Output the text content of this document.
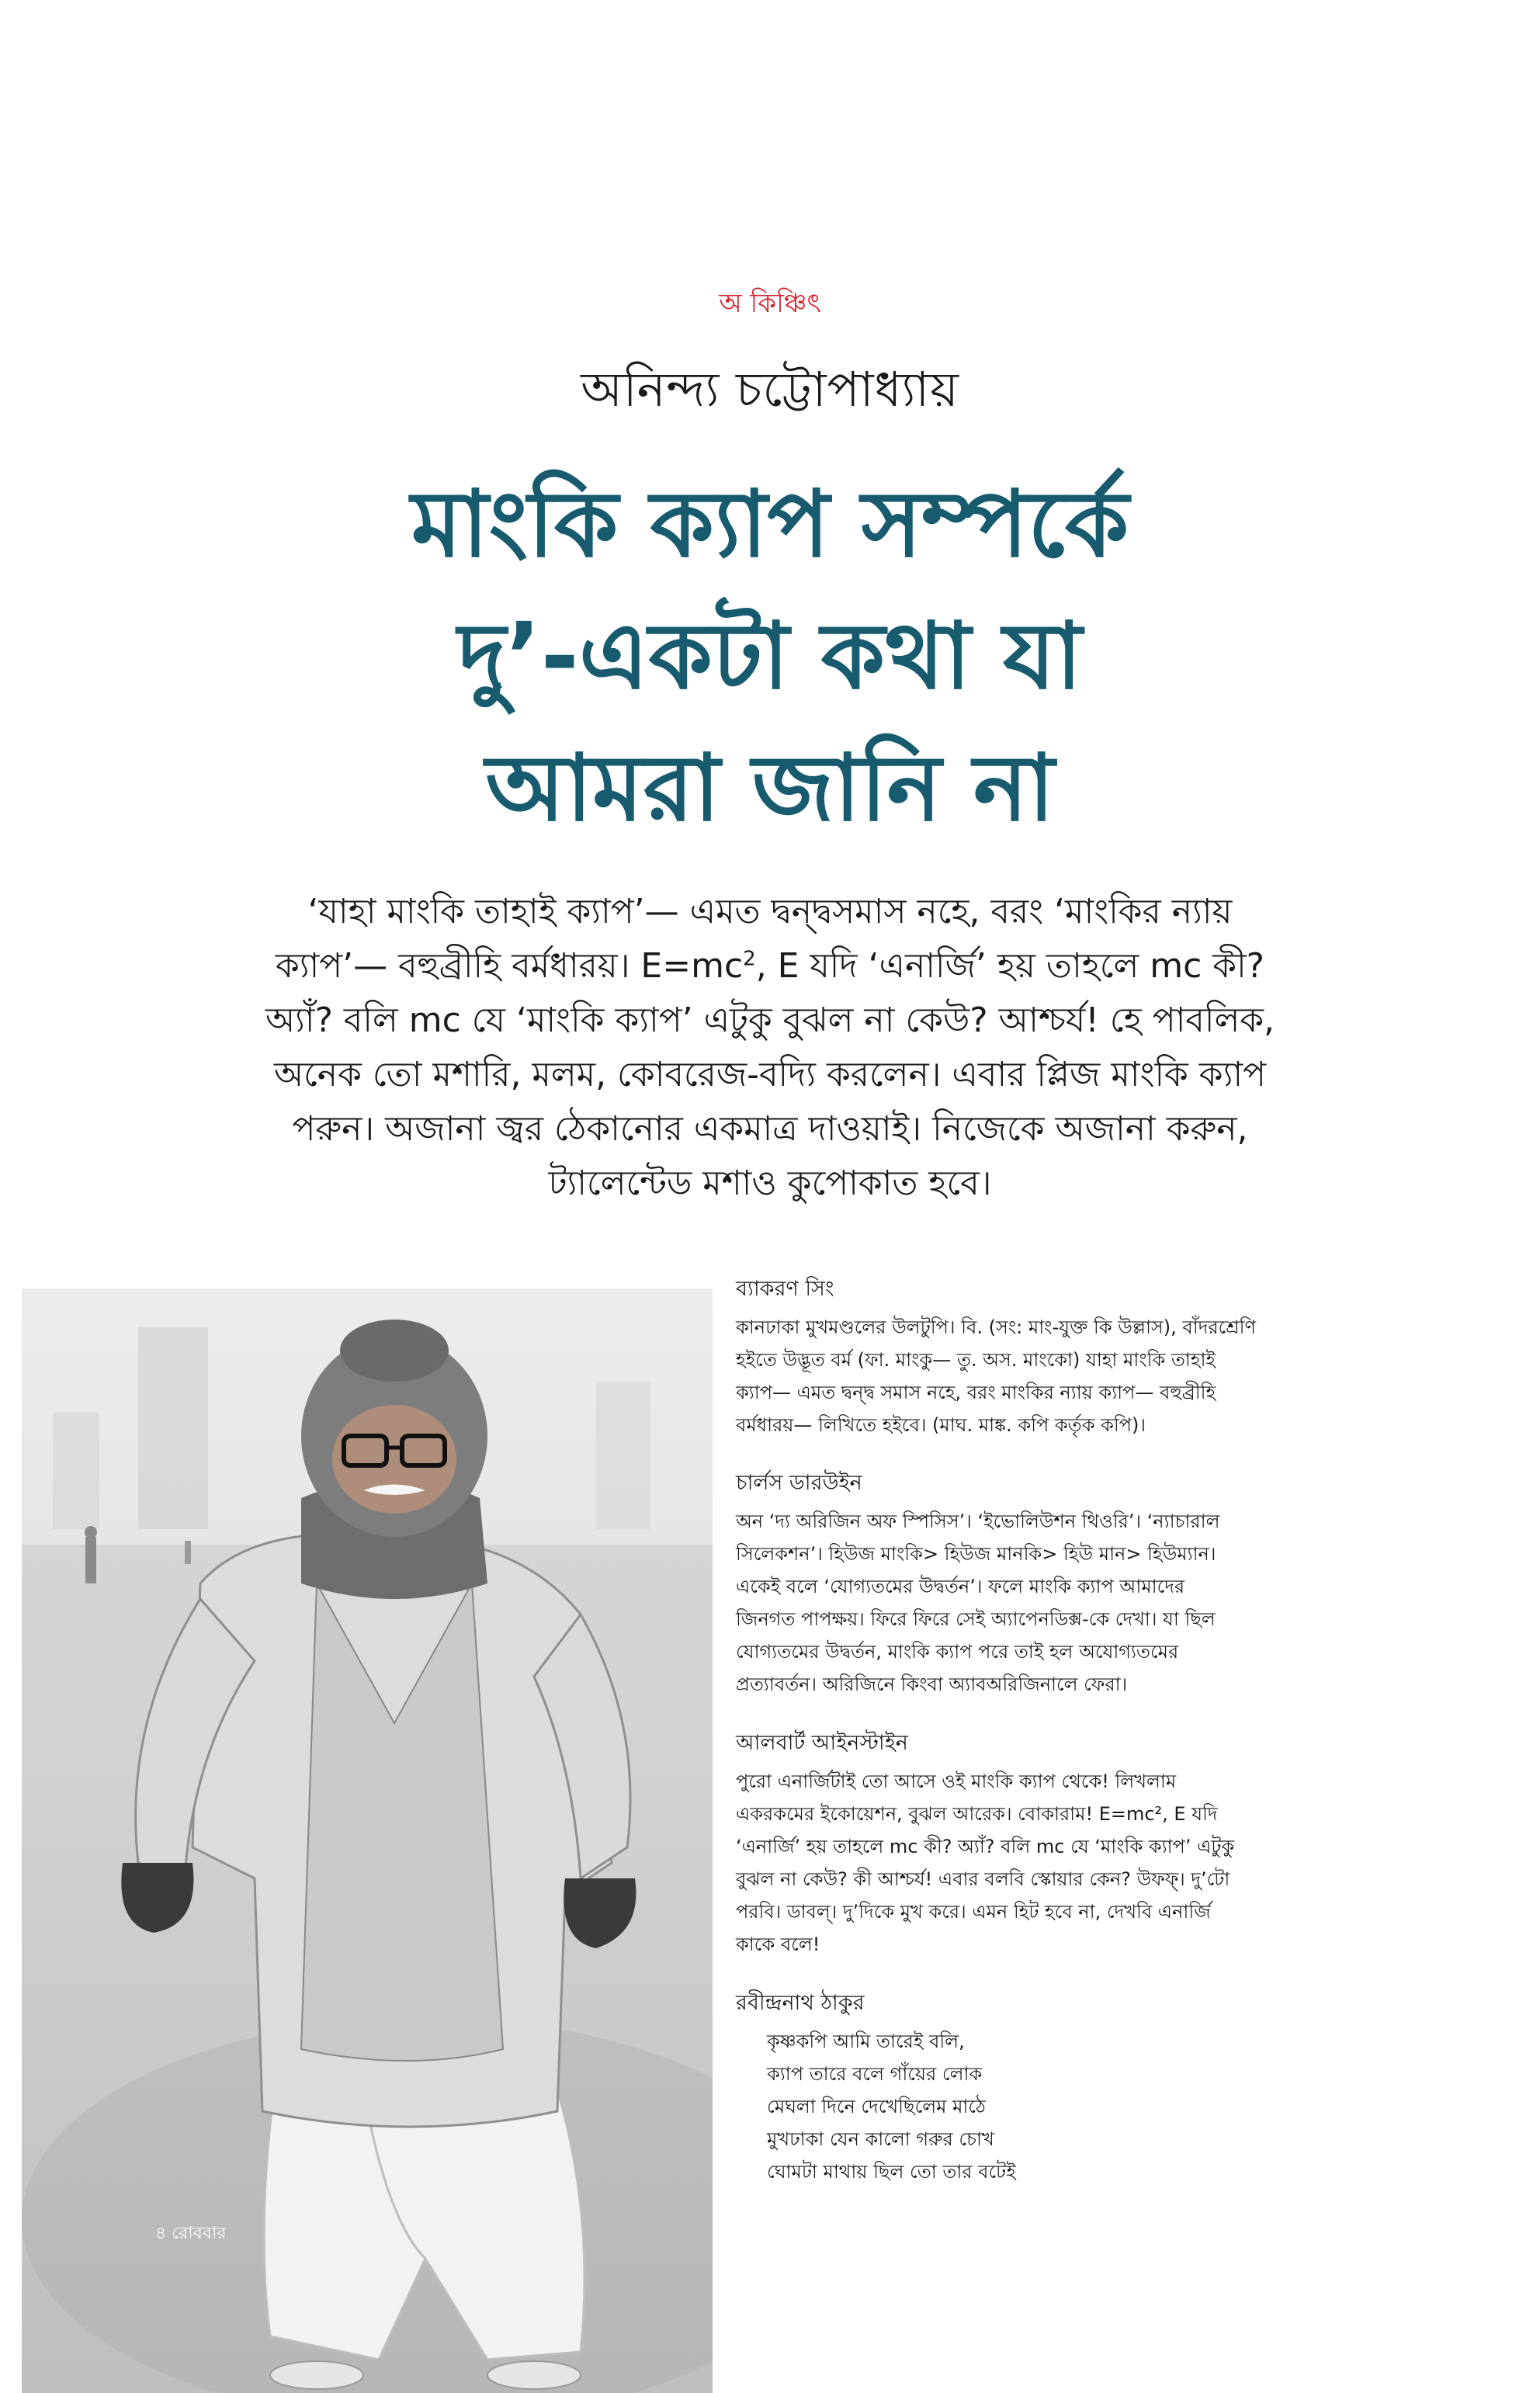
অ কিঞ্চিৎ
অনিন্দ্য চট্টোপাধ্যায়
মাংকি ক্যাপ সম্পর্কে
দু’-একটা কথা যা
আমরা জানি না
‘যাহা মাংকি তাহাই ক্যাপ’— এমত দ্বন্দ্বসমাস নহে, বরং ‘মাংকির ন্যায়
ক্যাপ’— বহুব্রীহি বর্মধারয়। $E=mc^2$, E যদি ‘এনার্জি’ হয় তাহলে mc কী?
অ্যাঁ? বলি mc যে ‘মাংকি ক্যাপ’ এটুকু বুঝল না কেউ? আশ্চর্য! হে পাবলিক,
অনেক তো মশারি, মলম, কোবরেজ-বদ্যি করলেন। এবার প্লিজ মাংকি ক্যাপ
পরুন। অজানা জ্বর ঠেকানোর একমাত্র দাওয়াই। নিজেকে অজানা করুন,
ট্যালেন্টেড মশাও কুপোকাত হবে।
৪ রোববার
ব্যাকরণ সিং
কানঢাকা মুখমণ্ডলের উলটুপি। বি. (সং: মাং-যুক্ত কি উল্লাস), বাঁদরশ্রেণি
হইতে উদ্ভূত বর্ম (ফা. মাংকু— তু. অস. মাংকো) যাহা মাংকি তাহাই
ক্যাপ— এমত দ্বন্দ্ব সমাস নহে, বরং মাংকির ন্যায় ক্যাপ— বহুব্রীহি
বর্মধারয়— লিখিতে হইবে। (মাঘ. মাঙ্ক. কপি কর্তৃক কপি)।
চার্লস ডারউইন
অন ‘দ্য অরিজিন অফ স্পিসিস’। ‘ইভোলিউশন থিওরি’। ‘ন্যাচারাল
সিলেকশন’। হিউজ মাংকি> হিউজ মানকি> হিউ মান> হিউম্যান।
একেই বলে ‘যোগ্যতমের উদ্বর্তন’। ফলে মাংকি ক্যাপ আমাদের
জিনগত পাপক্ষয়। ফিরে ফিরে সেই অ্যাপেনডিক্স-কে দেখা। যা ছিল
যোগ্যতমের উদ্বর্তন, মাংকি ক্যাপ পরে তাই হল অযোগ্যতমের
প্রত্যাবর্তন। অরিজিনে কিংবা অ্যাবঅরিজিনালে ফেরা।
আলবার্ট আইনস্টাইন
পুরো এনার্জিটাই তো আসে ওই মাংকি ক্যাপ থেকে! লিখলাম
একরকমের ইকোয়েশন, বুঝল আরেক। বোকারাম! E=mc², E যদি
‘এনার্জি’ হয় তাহলে mc কী? অ্যাঁ? বলি mc যে ‘মাংকি ক্যাপ’ এটুকু
বুঝল না কেউ? কী আশ্চর্য! এবার বলবি স্কোয়ার কেন? উফফ্‌। দু’টো
পরবি। ডাবল্‌। দু’দিকে মুখ করে। এমন হিট হবে না, দেখবি এনার্জি
কাকে বলে!
রবীন্দ্রনাথ ঠাকুর
কৃষ্ণকপি আমি তারেই বলি,
ক্যাপ তারে বলে গাঁয়ের লোক
মেঘলা দিনে দেখেছিলেম মাঠে
মুখঢাকা যেন কালো গরুর চোখ
ঘোমটা মাথায় ছিল তো তার বটেই
